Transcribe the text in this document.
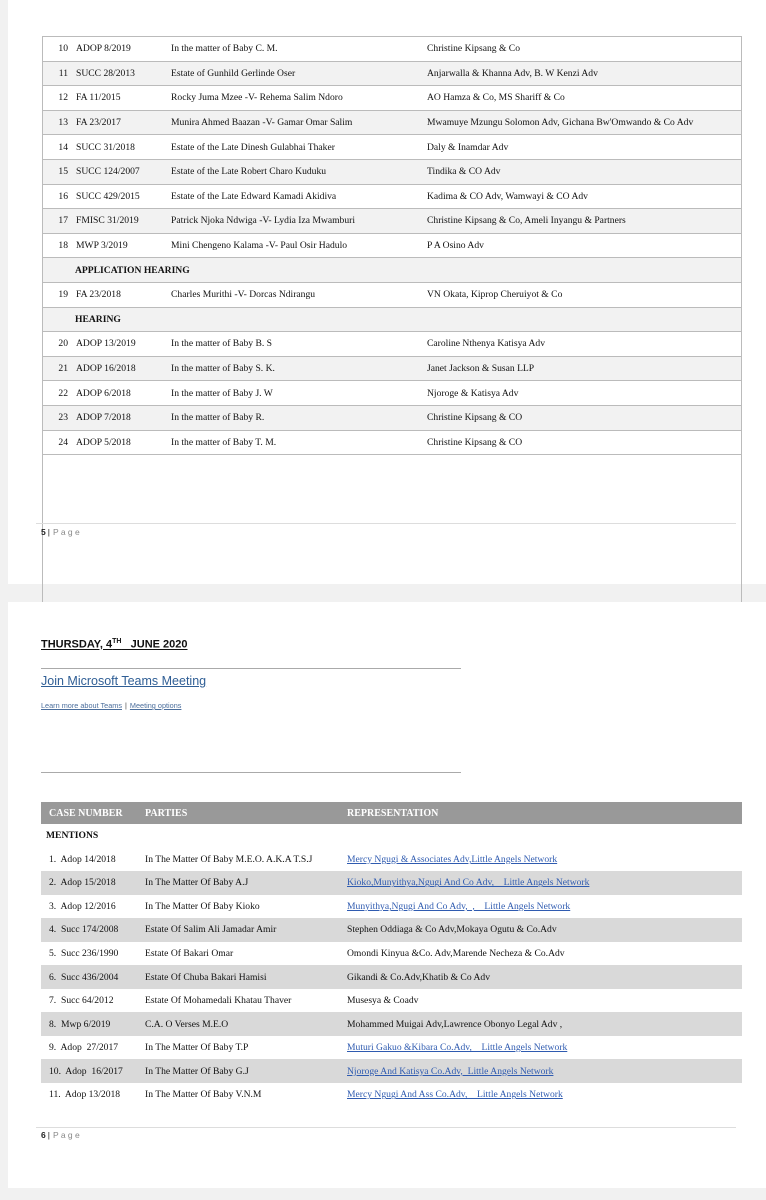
10	ADOP 8/2019	In the matter of Baby C. M.	Christine Kipsang & Co
11	SUCC 28/2013	Estate of Gunhild Gerlinde Oser	Anjarwalla & Khanna Adv, B. W Kenzi Adv
12	FA 11/2015	Rocky Juma Mzee -V- Rehema Salim Ndoro	AO Hamza & Co, MS Shariff & Co
13	FA 23/2017	Munira Ahmed Baazan -V- Gamar Omar Salim	Mwamuye Mzungu Solomon Adv, Gichana Bw'Omwando & Co Adv
14	SUCC 31/2018	Estate of the Late Dinesh Gulabhai Thaker	Daly & Inamdar Adv
15	SUCC 124/2007	Estate of the Late Robert Charo Kuduku	Tindika & CO Adv
16	SUCC 429/2015	Estate of the Late Edward Kamadi Akidiva	Kadima & CO Adv, Wamwayi & CO Adv
17	FMISC 31/2019	Patrick Njoka Ndwiga -V- Lydia Iza Mwamburi	Christine Kipsang & Co, Ameli Inyangu & Partners
18	MWP 3/2019	Mini Chengeno Kalama -V- Paul Osir Hadulo	P A Osino Adv
APPLICATION HEARING			
19	FA 23/2018	Charles Murithi -V- Dorcas Ndirangu	VN Okata, Kiprop Cheruiyot & Co
HEARING			
20	ADOP 13/2019	In the matter of Baby B. S	Caroline Nthenya Katisya Adv
21	ADOP 16/2018	In the matter of Baby S. K.	Janet Jackson & Susan LLP
22	ADOP 6/2018	In the matter of Baby J. W	Njoroge & Katisya Adv
23	ADOP 7/2018	In the matter of Baby R.	Christine Kipsang & CO
24	ADOP 5/2018	In the matter of Baby T. M.	Christine Kipsang & CO

5 | P a g e
THURSDAY, 4TH   JUNE 2020
Join Microsoft Teams Meeting
Learn more about Teams | Meeting options
CASE NUMBER	PARTIES	REPRESENTATION
MENTIONS		
1. Adop 14/2018	In The Matter Of Baby M.E.O. A.K.A T.S.J	Mercy Ngugi & Associates Adv,Little Angels Network
2. Adop 15/2018	In The Matter Of Baby A.J	Kioko,Munyithya,Ngugi And Co Adv,    Little Angels Network
3. Adop 12/2016	In The Matter Of Baby Kioko	Munyithya,Ngugi And Co Adv,  ,    Little Angels Network
4. Succ 174/2008	Estate Of Salim Ali Jamadar Amir	Stephen Oddiaga & Co Adv,Mokaya Ogutu & Co.Adv
5. Succ 236/1990	Estate Of Bakari Omar	Omondi Kinyua &Co. Adv,Marende Necheza & Co.Adv
6. Succ 436/2004	Estate Of Chuba Bakari Hamisi	Gikandi & Co.Adv,Khatib & Co Adv
7. Succ 64/2012	Estate Of Mohamedali Khatau Thaver	Musesya & Coadv
8. Mwp 6/2019	C.A. O Verses M.E.O	Mohammed Muigai Adv,Lawrence Obonyo Legal Adv ,
9. Adop  27/2017	In The Matter Of Baby T.P	Muturi Gakuo &Kibara Co.Adv,    Little Angels Network
10. Adop  16/2017	In The Matter Of Baby G.J	Njoroge And Katisya Co.Adv,  Little Angels Network
11. Adop 13/2018	In The Matter Of Baby V.N.M	Mercy Ngugi And Ass Co.Adv,    Little Angels Network
6 | P a g e
